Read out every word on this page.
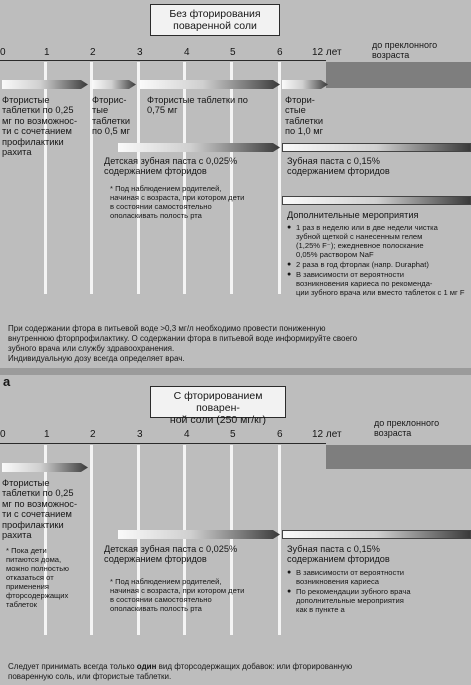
Без фторирования
поваренной соли
0	1	2	3	4	5	6	12 лет
до преклонного
возраста
Фтористые
таблетки по 0,25
мг по возможнос-
ти с сочетанием
профилактики
рахита
Фторис-
тые
таблетки
по 0,5 мг
Фтористые таблетки по
0,75 мг
Фтори-
стые
таблетки
по 1,0 мг
Детская зубная паста с 0,025%
содержанием фторидов
Зубная паста с 0,15%
содержанием фторидов
* Под наблюдением родителей,
начиная с возраста, при котором дети
в состоянии самостоятельно
ополаскивать полость рта	Дополнительные мероприятия
● 1 раз в неделю или в две недели чистка
зубной щеткой с нанесенным гелем
(1,25% F⁻); ежедневное полоскание
0,05% раствором NaF
● 2 раза в год фторлак (напр. Duraphat)
● В зависимости от вероятности
возникновения кариеса по рекоменда-
ции зубного врача или вместо таблеток с 1 мг F
При содержании фтора в питьевой воде >0,3 мг/л необходимо провести пониженную
внутреннюю фторпрофилактику. О содержании фтора в питьевой воде информируйте своего
зубного врача или службу здравоохранения.
Индивидуальную дозу всегда определяет врач.
а
С фторированием поварен-
ной соли (250 мг/кг)
0	1	2	3	4	5	6	12 лет
до преклонного
возраста
Фтористые
таблетки по 0,25
мг по возможнос-
ти с сочетанием
профилактики
рахита
* Пока дети
питаются дома,
можно полностью
отказаться от
применения
фторсодержащих
таблеток
Детская зубная паста с 0,025%
содержанием фторидов
Зубная паста с 0,15%
содержанием фторидов
* Под наблюдением родителей,
начиная с возраста, при котором дети
в состоянии самостоятельно
ополаскивать полость рта
● В зависимости от вероятности
возникновения кариеса
● По рекомендации зубного врача
дополнительные мероприятия
как в пункте а
Следует принимать всегда только один вид фторсодержащих добавок: или фторированную
поваренную соль, или фтористые таблетки.
